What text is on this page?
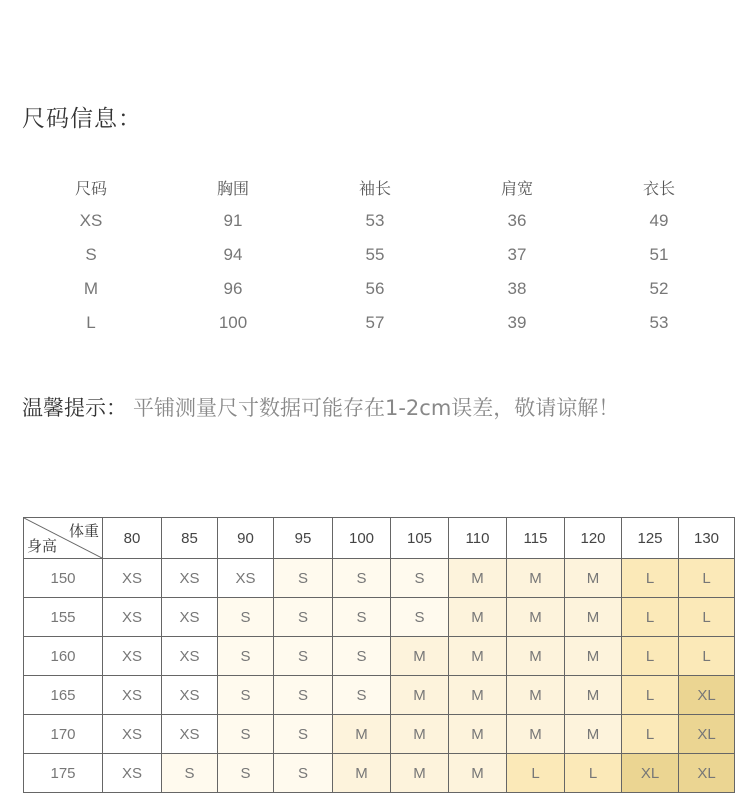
尺码信息：
尺码	胸围	袖长	肩宽	衣长
XS	91	53	36	49
S	94	55	37	51
M	96	56	38	52
L	100	57	39	53
温馨提示： 平铺测量尺寸数据可能存在1-2cm误差，敬请谅解！
体重
身高	80	85	90	95	100	105	110	115	120	125	130
150	XS	XS	XS	S	S	S	M	M	M	L	L
155	XS	XS	S	S	S	S	M	M	M	L	L
160	XS	XS	S	S	S	M	M	M	M	L	L
165	XS	XS	S	S	S	M	M	M	M	L	XL
170	XS	XS	S	S	M	M	M	M	M	L	XL
175	XS	S	S	S	M	M	M	L	L	XL	XL
